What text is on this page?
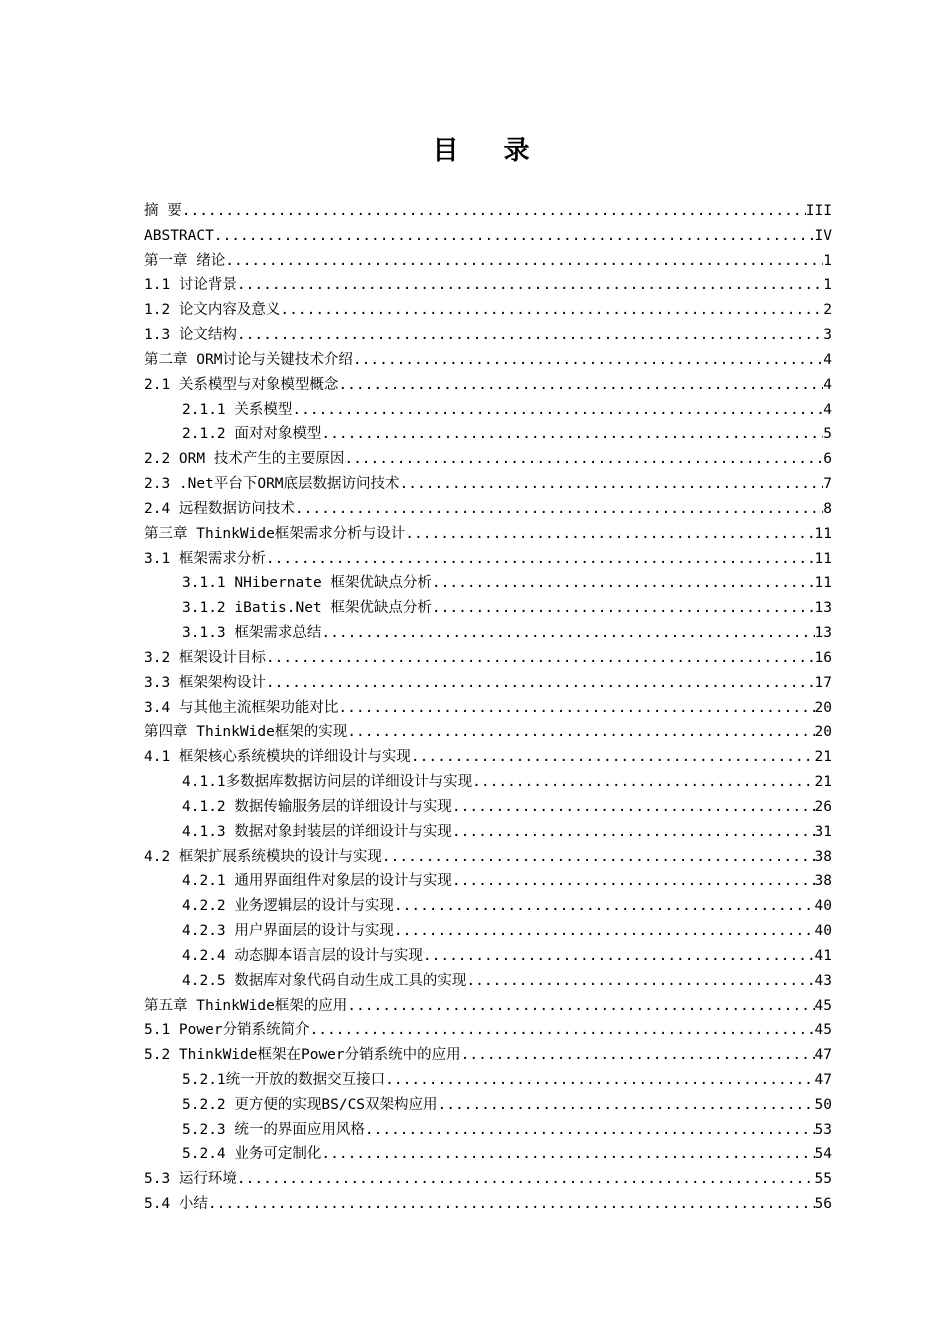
目 录
摘 要 .....	III
ABSTRACT .....	IV
第一章 绪论 .....	1
1.1 讨论背景 .....	1
1.2 论文内容及意义 .....	2
1.3 论文结构 .....	3
第二章 ORM讨论与关键技术介绍 .....	4
2.1 关系模型与对象模型概念 .....	4
2.1.1 关系模型 .....	4
2.1.2 面对对象模型 .....	5
2.2 ORM 技术产生的主要原因 .....	6
2.3 .Net平台下ORM底层数据访问技术 .....	7
2.4 远程数据访问技术 .....	8
第三章 ThinkWide框架需求分析与设计 .....	11
3.1 框架需求分析 .....	11
3.1.1 NHibernate 框架优缺点分析 .....	11
3.1.2 iBatis.Net 框架优缺点分析 .....	13
3.1.3 框架需求总结 .....	13
3.2 框架设计目标 .....	16
3.3 框架架构设计 .....	17
3.4 与其他主流框架功能对比 .....	20
第四章 ThinkWide框架的实现 .....	20
4.1 框架核心系统模块的详细设计与实现 .....	21
4.1.1多数据库数据访问层的详细设计与实现 .....	21
4.1.2 数据传输服务层的详细设计与实现 .....	26
4.1.3 数据对象封装层的详细设计与实现 .....	31
4.2 框架扩展系统模块的设计与实现 .....	38
4.2.1 通用界面组件对象层的设计与实现 .....	38
4.2.2 业务逻辑层的设计与实现 .....	40
4.2.3 用户界面层的设计与实现 .....	40
4.2.4 动态脚本语言层的设计与实现 .....	41
4.2.5 数据库对象代码自动生成工具的实现 .....	43
第五章 ThinkWide框架的应用 .....	45
5.1 Power分销系统简介 .....	45
5.2 ThinkWide框架在Power分销系统中的应用 .....	47
5.2.1统一开放的数据交互接口 .....	47
5.2.2 更方便的实现BS/CS双架构应用 .....	50
5.2.3 统一的界面应用风格 .....	53
5.2.4 业务可定制化 .....	54
5.3 运行环境 .....	55
5.4 小结 .....	56
